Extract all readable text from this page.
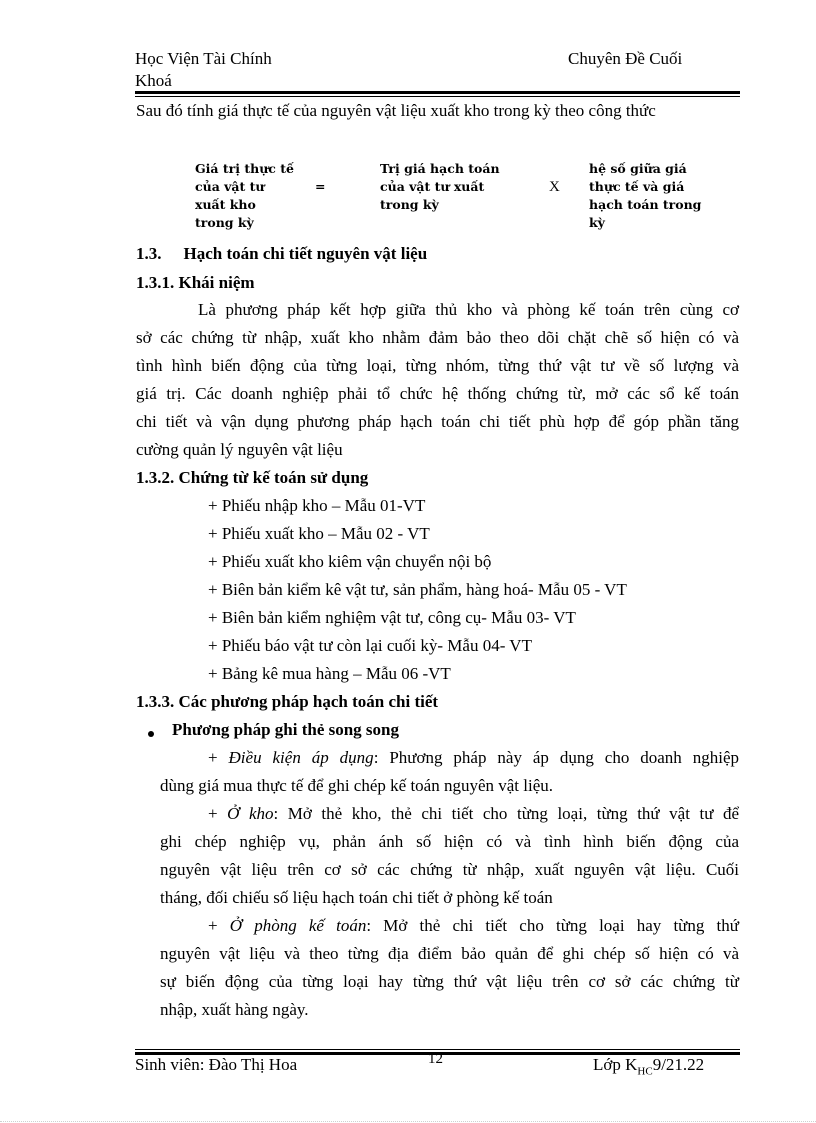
Học Viện Tài Chính
Khoá
Chuyên Đề Cuối
Sau đó tính giá thực tế của nguyên vật liệu xuất kho trong kỳ theo công thức
Giá trị thực tế
của vật tư
xuất kho
trong kỳ
=
Trị giá hạch toán
của vật tư xuất
trong kỳ
X
hệ số giữa giá
thực tế và giá
hạch toán trong
kỳ
1.3. Hạch toán chi tiết nguyên vật liệu
1.3.1. Khái niệm
Là phương pháp kết hợp giữa thủ kho và phòng kế toán trên cùng cơ
sở các chứng từ nhập, xuất kho nhằm đảm bảo theo dõi chặt chẽ số hiện có và
tình hình biến động của từng loại, từng nhóm, từng thứ vật tư về số lượng và
giá trị. Các doanh nghiệp phải tổ chức hệ thống chứng từ, mở các sổ kế toán
chi tiết và vận dụng phương pháp hạch toán chi tiết phù hợp để góp phần tăng
cường quản lý nguyên vật liệu
1.3.2. Chứng từ kế toán sử dụng
+ Phiếu nhập kho – Mẫu 01-VT
+ Phiếu xuất kho – Mẫu 02 - VT
+ Phiếu xuất kho kiêm vận chuyển nội bộ
+ Biên bản kiểm kê vật tư, sản phẩm, hàng hoá- Mẫu 05 - VT
+ Biên bản kiểm nghiệm vật tư, công cụ- Mẫu 03- VT
+ Phiếu báo vật tư còn lại cuối kỳ- Mẫu 04- VT
+ Bảng kê mua hàng – Mẫu 06 -VT
1.3.3. Các phương pháp hạch toán chi tiết
Phương pháp ghi thẻ song song
+ Điều kiện áp dụng: Phương pháp này áp dụng cho doanh nghiệp
dùng giá mua thực tế để ghi chép kế toán nguyên vật liệu.
+ Ở kho: Mở thẻ kho, thẻ chi tiết cho từng loại, từng thứ vật tư để
ghi chép nghiệp vụ, phản ánh số hiện có và tình hình biến động của
nguyên vật liệu trên cơ sở các chứng từ nhập, xuất nguyên vật liệu. Cuối
tháng, đối chiếu số liệu hạch toán chi tiết ở phòng kế toán
+ Ở phòng kế toán: Mở thẻ chi tiết cho từng loại hay từng thứ
nguyên vật liệu và theo từng địa điểm bảo quản để ghi chép số hiện có và
sự biến động của từng loại hay từng thứ vật liệu trên cơ sở các chứng từ
nhập, xuất hàng ngày.
Sinh viên: Đào Thị Hoa	12	Lớp $K_{HC}9/21.22$
